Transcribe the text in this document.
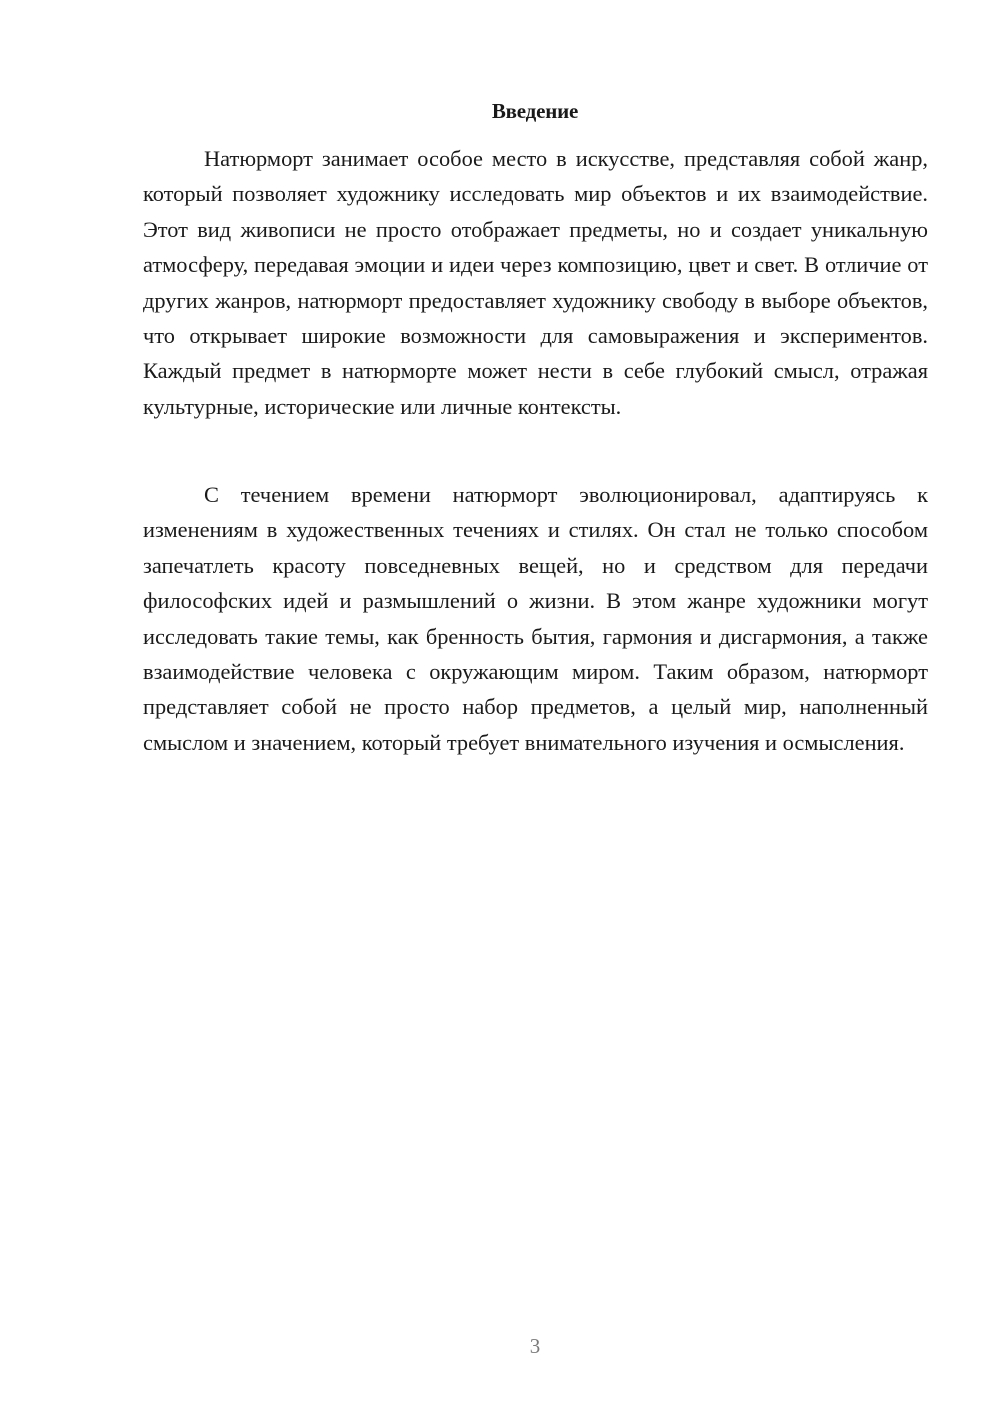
Введение

Натюрморт занимает особое место в искусстве, представляя собой жанр, который позволяет художнику исследовать мир объектов и их взаимодействие. Этот вид живописи не просто отображает предметы, но и создает уникальную атмосферу, передавая эмоции и идеи через композицию, цвет и свет. В отличие от других жанров, натюрморт предоставляет художнику свободу в выборе объектов, что открывает широкие возможности для самовыражения и экспериментов. Каждый предмет в натюрморте может нести в себе глубокий смысл, отражая культурные, исторические или личные контексты.

С течением времени натюрморт эволюционировал, адаптируясь к изменениям в художественных течениях и стилях. Он стал не только способом запечатлеть красоту повседневных вещей, но и средством для передачи философских идей и размышлений о жизни. В этом жанре художники могут исследовать такие темы, как бренность бытия, гармония и дисгармония, а также взаимодействие человека с окружающим миром. Таким образом, натюрморт представляет собой не просто набор предметов, а целый мир, наполненный смыслом и значением, который требует внимательного изучения и осмысления.

3
